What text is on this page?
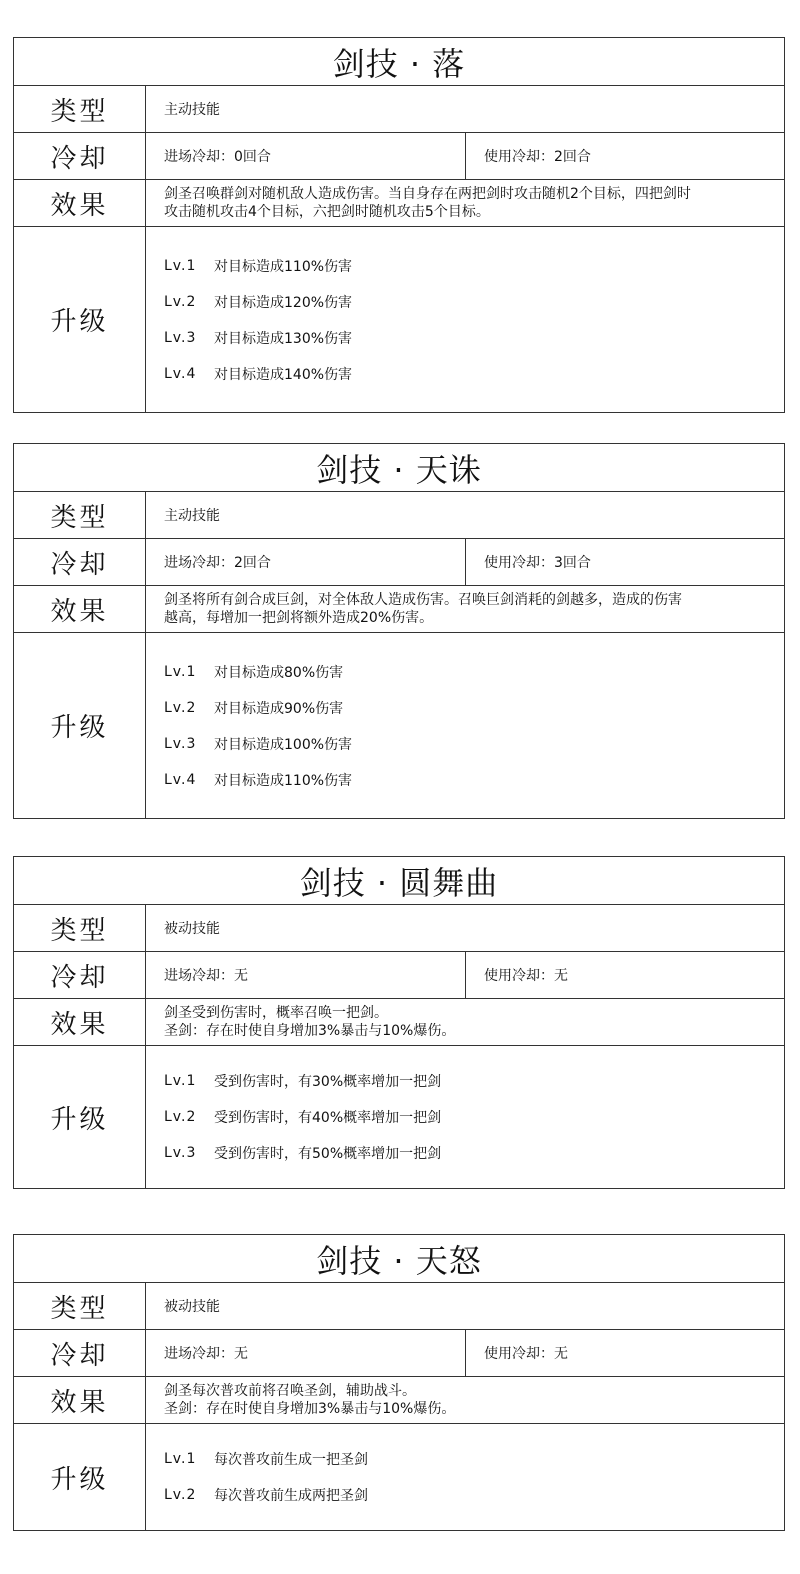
剑技 · 落
类型	主动技能
冷却	进场冷却：0回合	使用冷却：2回合
效果	剑圣召唤群剑对随机敌人造成伤害。当自身存在两把剑时攻击随机2个目标，四把剑时
攻击随机攻击4个目标，六把剑时随机攻击5个目标。
升级
Lv.1	对目标造成110%伤害
Lv.2	对目标造成120%伤害
Lv.3	对目标造成130%伤害
Lv.4	对目标造成140%伤害
剑技 · 天诛
类型	主动技能
冷却	进场冷却：2回合	使用冷却：3回合
效果	剑圣将所有剑合成巨剑，对全体敌人造成伤害。召唤巨剑消耗的剑越多，造成的伤害
越高，每增加一把剑将额外造成20%伤害。
升级
Lv.1	对目标造成80%伤害
Lv.2	对目标造成90%伤害
Lv.3	对目标造成100%伤害
Lv.4	对目标造成110%伤害
剑技 · 圆舞曲
类型	被动技能
冷却	进场冷却：无	使用冷却：无
效果	剑圣受到伤害时，概率召唤一把剑。
圣剑：存在时使自身增加3%暴击与10%爆伤。
升级
Lv.1	受到伤害时，有30%概率增加一把剑
Lv.2	受到伤害时，有40%概率增加一把剑
Lv.3	受到伤害时，有50%概率增加一把剑
剑技 · 天怒
类型	被动技能
冷却	进场冷却：无	使用冷却：无
效果	剑圣每次普攻前将召唤圣剑，辅助战斗。
圣剑：存在时使自身增加3%暴击与10%爆伤。
升级
Lv.1	每次普攻前生成一把圣剑
Lv.2	每次普攻前生成两把圣剑
